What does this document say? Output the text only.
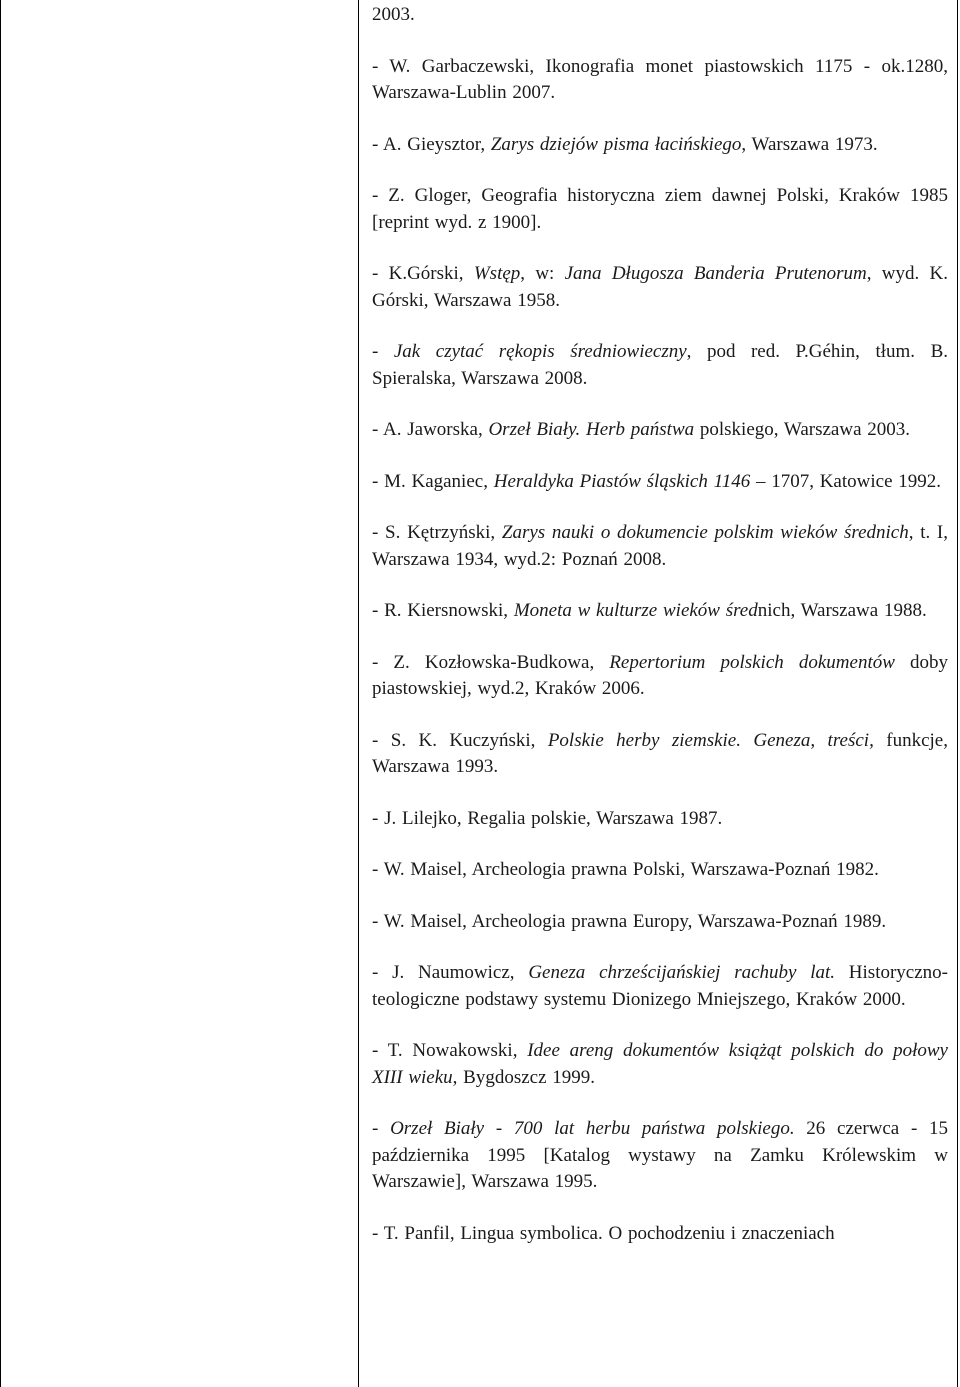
2003.

- W. Garbaczewski, Ikonografia monet piastowskich 1175 - ok.1280, Warszawa-Lublin 2007.

- A. Gieysztor, Zarys dziejów pisma łacińskiego, Warszawa 1973.

- Z. Gloger, Geografia historyczna ziem dawnej Polski, Kraków 1985 [reprint wyd. z 1900].

- K.Górski, Wstęp, w: Jana Długosza Banderia Prutenorum, wyd. K. Górski, Warszawa 1958.

- Jak czytać rękopis średniowieczny, pod red. P.Géhin, tłum. B. Spieralska, Warszawa 2008.

- A. Jaworska, Orzeł Biały. Herb państwa polskiego, Warszawa 2003.

- M. Kaganiec, Heraldyka Piastów śląskich 1146 – 1707, Katowice 1992.

- S. Kętrzyński, Zarys nauki o dokumencie polskim wieków średnich, t. I, Warszawa 1934, wyd.2: Poznań 2008.

- R. Kiersnowski, Moneta w kulturze wieków średnich, Warszawa 1988.

- Z. Kozłowska-Budkowa, Repertorium polskich dokumentów doby piastowskiej, wyd.2, Kraków 2006.

- S. K. Kuczyński, Polskie herby ziemskie. Geneza, treści, funkcje, Warszawa 1993.

- J. Lilejko, Regalia polskie, Warszawa 1987.

- W. Maisel, Archeologia prawna Polski, Warszawa-Poznań 1982.

- W. Maisel, Archeologia prawna Europy, Warszawa-Poznań 1989.

- J. Naumowicz, Geneza chrześcijańskiej rachuby lat. Historyczno-teologiczne podstawy systemu Dionizego Mniejszego, Kraków 2000.

- T. Nowakowski, Idee areng dokumentów książąt polskich do połowy XIII wieku, Bygdoszcz 1999.

- Orzeł Biały - 700 lat herbu państwa polskiego. 26 czerwca - 15 października 1995 [Katalog wystawy na Zamku Królewskim w Warszawie], Warszawa 1995.

- T. Panfil, Lingua symbolica. O pochodzeniu i znaczeniach
